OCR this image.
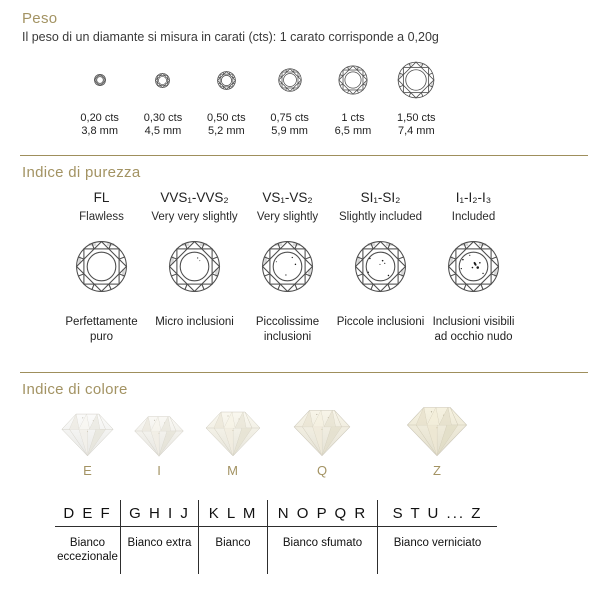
Peso
Il peso di un diamante si misura in carati (cts): 1 carato corrisponde a 0,20g
0,20 cts
3,8 mm
0,30 cts
4,5 mm
0,50 cts
5,2 mm
0,75 cts
5,9 mm
1 cts
6,5 mm
1,50 cts
7,4 mm
Indice di purezza
FL
Flawless
Perfettamente puro
VVS₁-VVS₂
Very very slightly
Micro inclusioni
VS₁-VS₂
Very slightly
Piccolissime inclusioni
SI₁-SI₂
Slightly included
Piccole inclusioni
I₁-I₂-I₃
Included
Inclusioni visibili ad occhio nudo
Indice di colore
E	I	M	Q	Z
D E F
Bianco eccezionale
G H I J
Bianco extra
K L M
Bianco
N O P Q R
Bianco sfumato
S T U ... Z
Bianco verniciato
